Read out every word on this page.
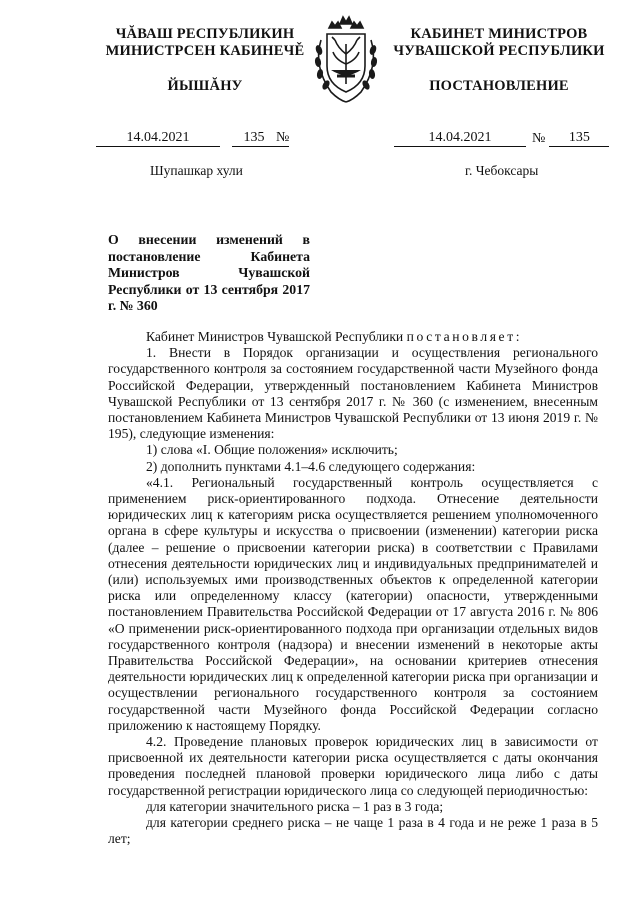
ЧĂВАШ РЕСПУБЛИКИН
МИНИСТРСЕН КАБИНЕЧĚ
ЙЫШĂНУ
КАБИНЕТ МИНИСТРОВ
ЧУВАШСКОЙ РЕСПУБЛИКИ
ПОСТАНОВЛЕНИЕ
14.04.2021	135 №	14.04.2021	№	135
Шупашкар хули	г. Чебоксары
О внесении изменений в постановление Кабинета Министров Чувашской Республики от 13 сентября 2017 г. № 360

Кабинет Министров Чувашской Республики постановляет:

1. Внести в Порядок организации и осуществления регионального государственного контроля за состоянием государственной части Музейного фонда Российской Федерации, утвержденный постановлением Кабинета Министров Чувашской Республики от 13 сентября 2017 г. № 360 (с изменением, внесенным постановлением Кабинета Министров Чувашской Республики от 13 июня 2019 г. № 195), следующие изменения:

1) слова «I. Общие положения» исключить;

2) дополнить пунктами 4.1–4.6 следующего содержания:

«4.1. Региональный государственный контроль осуществляется с применением риск-ориентированного подхода. Отнесение деятельности юридических лиц к категориям риска осуществляется решением уполномоченного органа в сфере культуры и искусства о присвоении (изменении) категории риска (далее – решение о присвоении категории риска) в соответствии с Правилами отнесения деятельности юридических лиц и индивидуальных предпринимателей и (или) используемых ими производственных объектов к определенной категории риска или определенному классу (категории) опасности, утвержденными постановлением Правительства Российской Федерации от 17 августа 2016 г. № 806 «О применении риск-ориентированного подхода при организации отдельных видов государственного контроля (надзора) и внесении изменений в некоторые акты Правительства Российской Федерации», на основании критериев отнесения деятельности юридических лиц к определенной категории риска при организации и осуществлении регионального государственного контроля за состоянием государственной части Музейного фонда Российской Федерации согласно приложению к настоящему Порядку.

4.2. Проведение плановых проверок юридических лиц в зависимости от присвоенной их деятельности категории риска осуществляется с даты окончания проведения последней плановой проверки юридического лица либо с даты государственной регистрации юридического лица со следующей периодичностью:

для категории значительного риска – 1 раз в 3 года;

для категории среднего риска – не чаще 1 раза в 4 года и не реже 1 раза в 5 лет;
